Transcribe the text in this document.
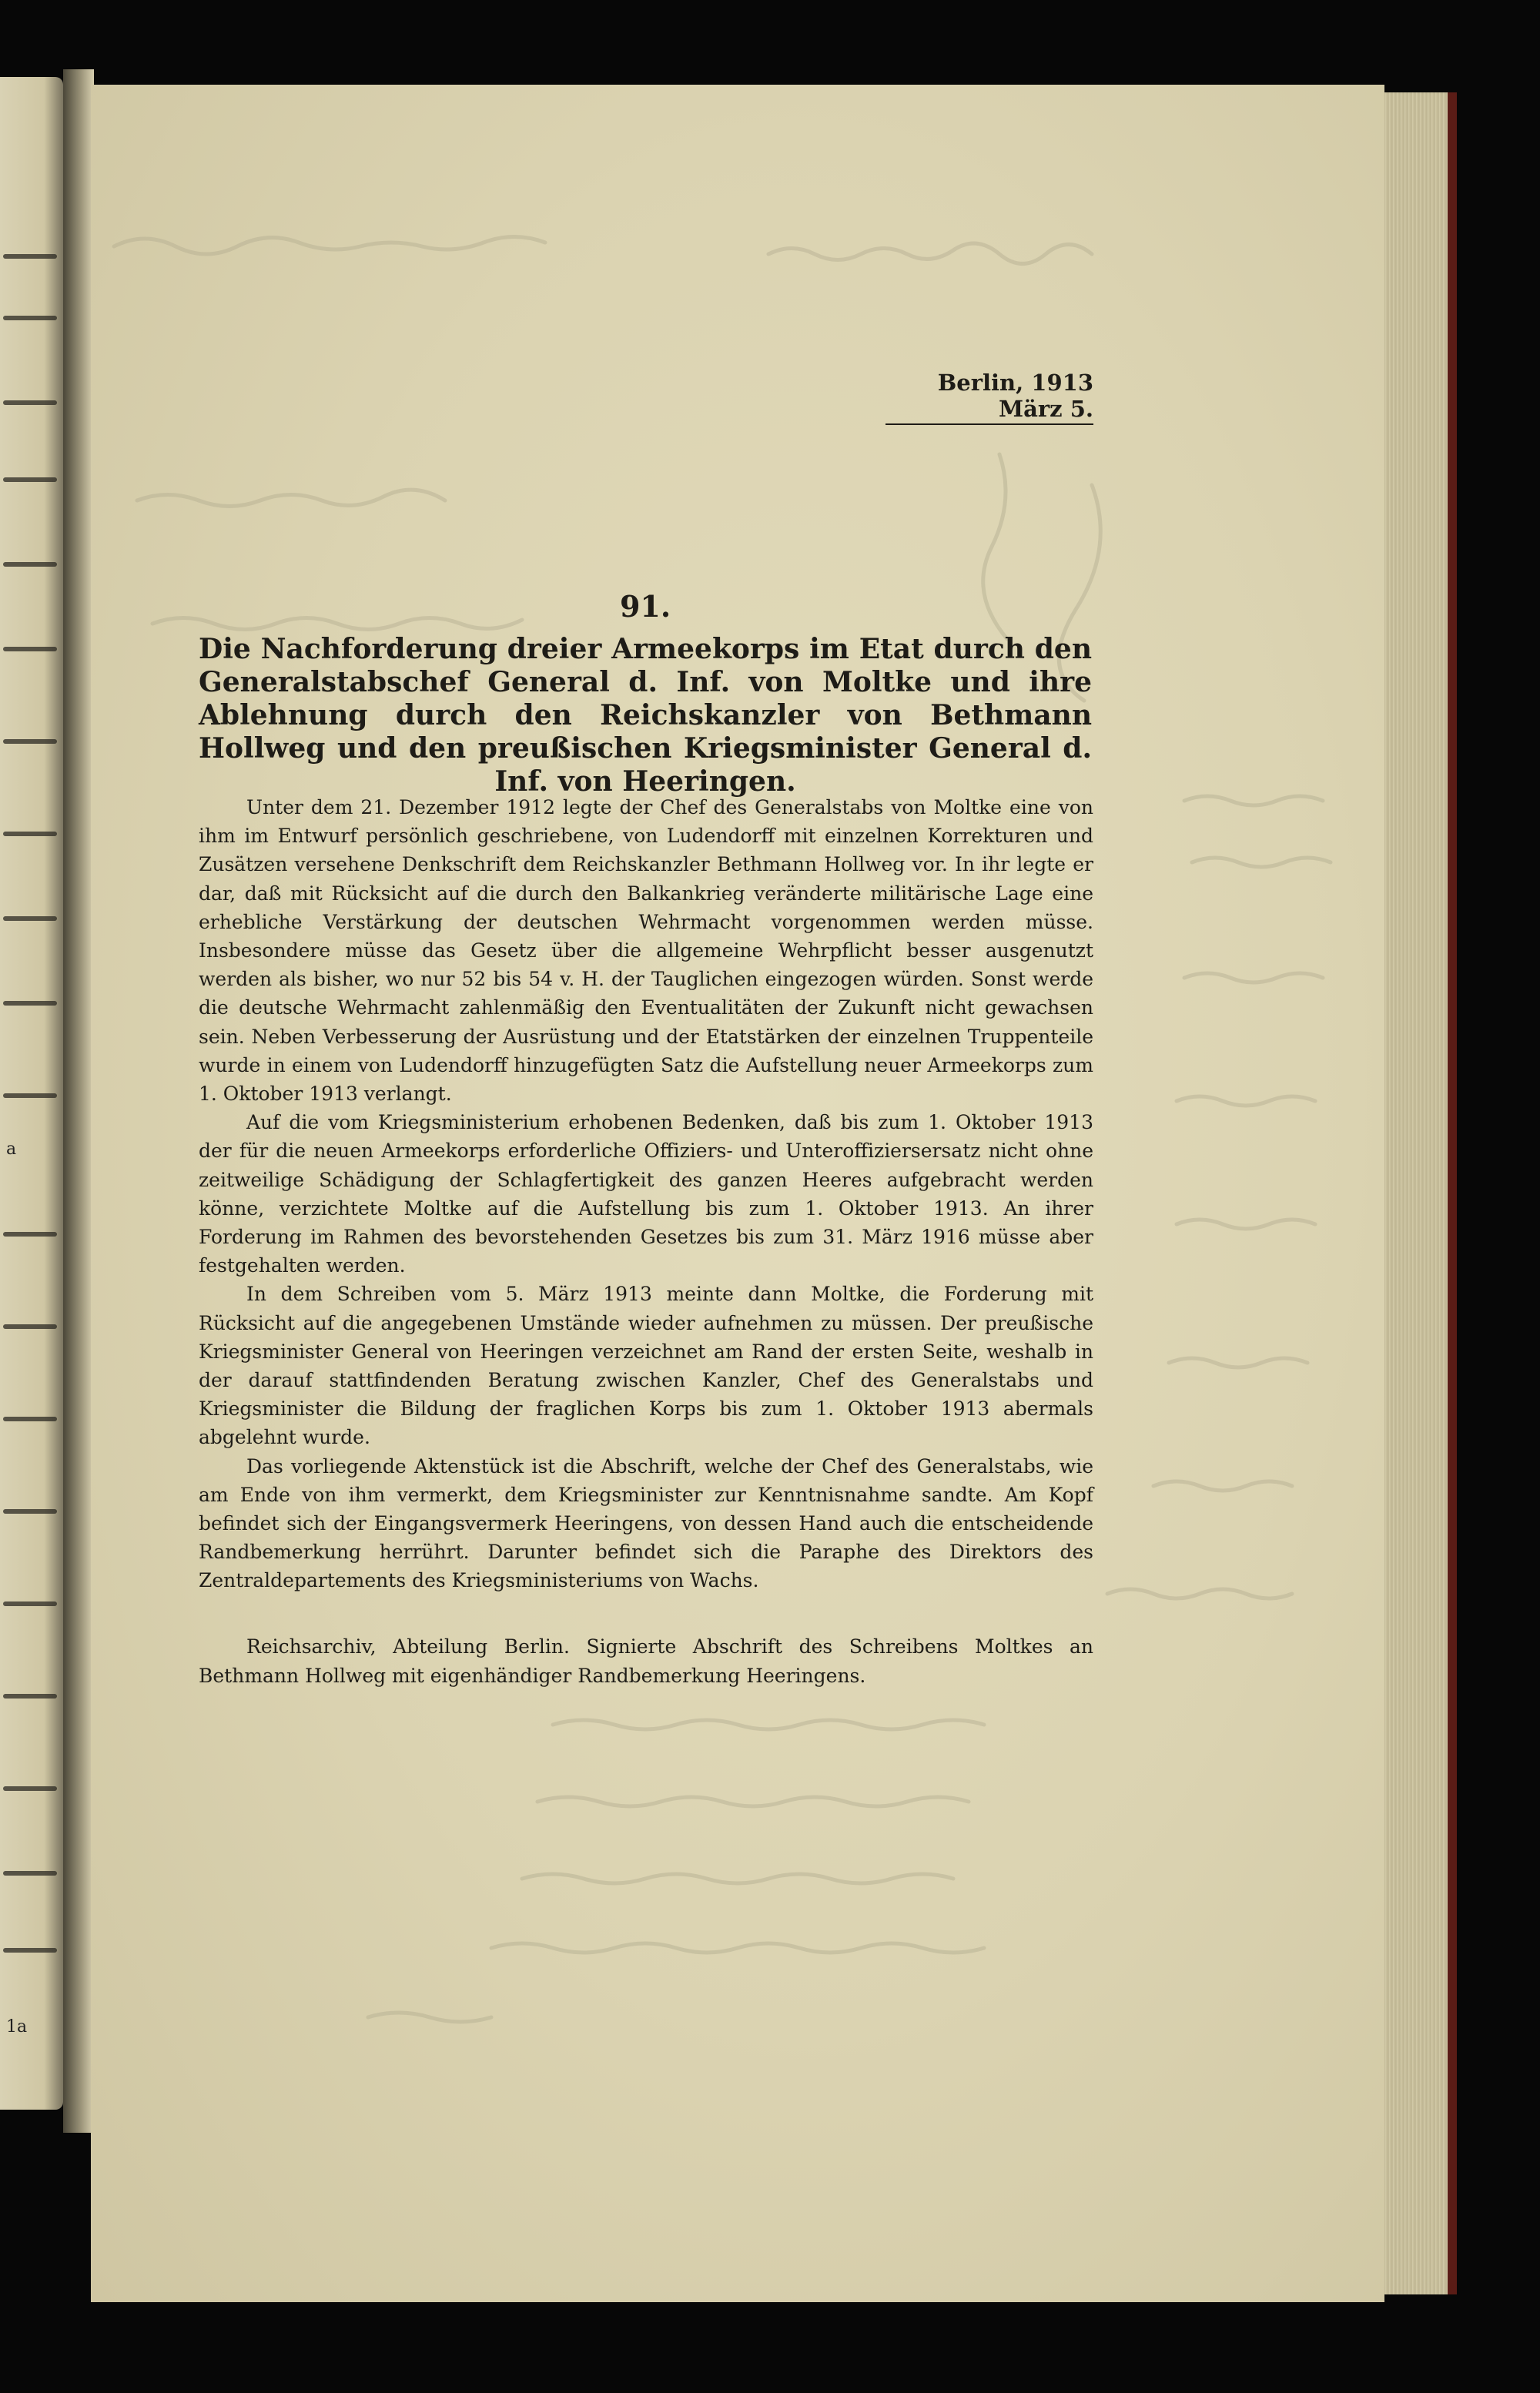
a
1a
Berlin, 1913 März 5.
91.
Die Nachforderung dreier Armeekorps im Etat durch den Generalstabschef General d. Inf. von Moltke und ihre Ablehnung durch den Reichskanzler von Bethmann Hollweg und den preußischen Kriegsminister General d. Inf. von Heeringen.

Unter dem 21. Dezember 1912 legte der Chef des Generalstabs von Moltke eine von ihm im Entwurf persönlich geschriebene, von Ludendorff mit einzelnen Korrekturen und Zusätzen versehene Denkschrift dem Reichskanzler Bethmann Hollweg vor. In ihr legte er dar, daß mit Rücksicht auf die durch den Balkankrieg veränderte militärische Lage eine erhebliche Verstärkung der deutschen Wehrmacht vorgenommen werden müsse. Insbesondere müsse das Gesetz über die allgemeine Wehrpflicht besser ausgenutzt werden als bisher, wo nur 52 bis 54 v. H. der Tauglichen eingezogen würden. Sonst werde die deutsche Wehrmacht zahlenmäßig den Eventualitäten der Zukunft nicht gewachsen sein. Neben Verbesserung der Ausrüstung und der Etatstärken der einzelnen Truppenteile wurde in einem von Ludendorff hinzugefügten Satz die Aufstellung neuer Armeekorps zum 1. Oktober 1913 verlangt.

Auf die vom Kriegsministerium erhobenen Bedenken, daß bis zum 1. Oktober 1913 der für die neuen Armeekorps erforderliche Offiziers- und Unteroffiziersersatz nicht ohne zeitweilige Schädigung der Schlagfertigkeit des ganzen Heeres aufgebracht werden könne, verzichtete Moltke auf die Aufstellung bis zum 1. Oktober 1913. An ihrer Forderung im Rahmen des bevorstehenden Gesetzes bis zum 31. März 1916 müsse aber festgehalten werden.

In dem Schreiben vom 5. März 1913 meinte dann Moltke, die Forderung mit Rücksicht auf die angegebenen Umstände wieder aufnehmen zu müssen. Der preußische Kriegsminister General von Heeringen verzeichnet am Rand der ersten Seite, weshalb in der darauf stattfindenden Beratung zwischen Kanzler, Chef des Generalstabs und Kriegsminister die Bildung der fraglichen Korps bis zum 1. Oktober 1913 abermals abgelehnt wurde.

Das vorliegende Aktenstück ist die Abschrift, welche der Chef des Generalstabs, wie am Ende von ihm vermerkt, dem Kriegsminister zur Kenntnisnahme sandte. Am Kopf befindet sich der Eingangsvermerk Heeringens, von dessen Hand auch die entscheidende Randbemerkung herrührt. Darunter befindet sich die Paraphe des Direktors des Zentraldepartements des Kriegsministeriums von Wachs.

Reichsarchiv, Abteilung Berlin. Signierte Abschrift des Schreibens Moltkes an Bethmann Hollweg mit eigenhändiger Randbemerkung Heeringens.
